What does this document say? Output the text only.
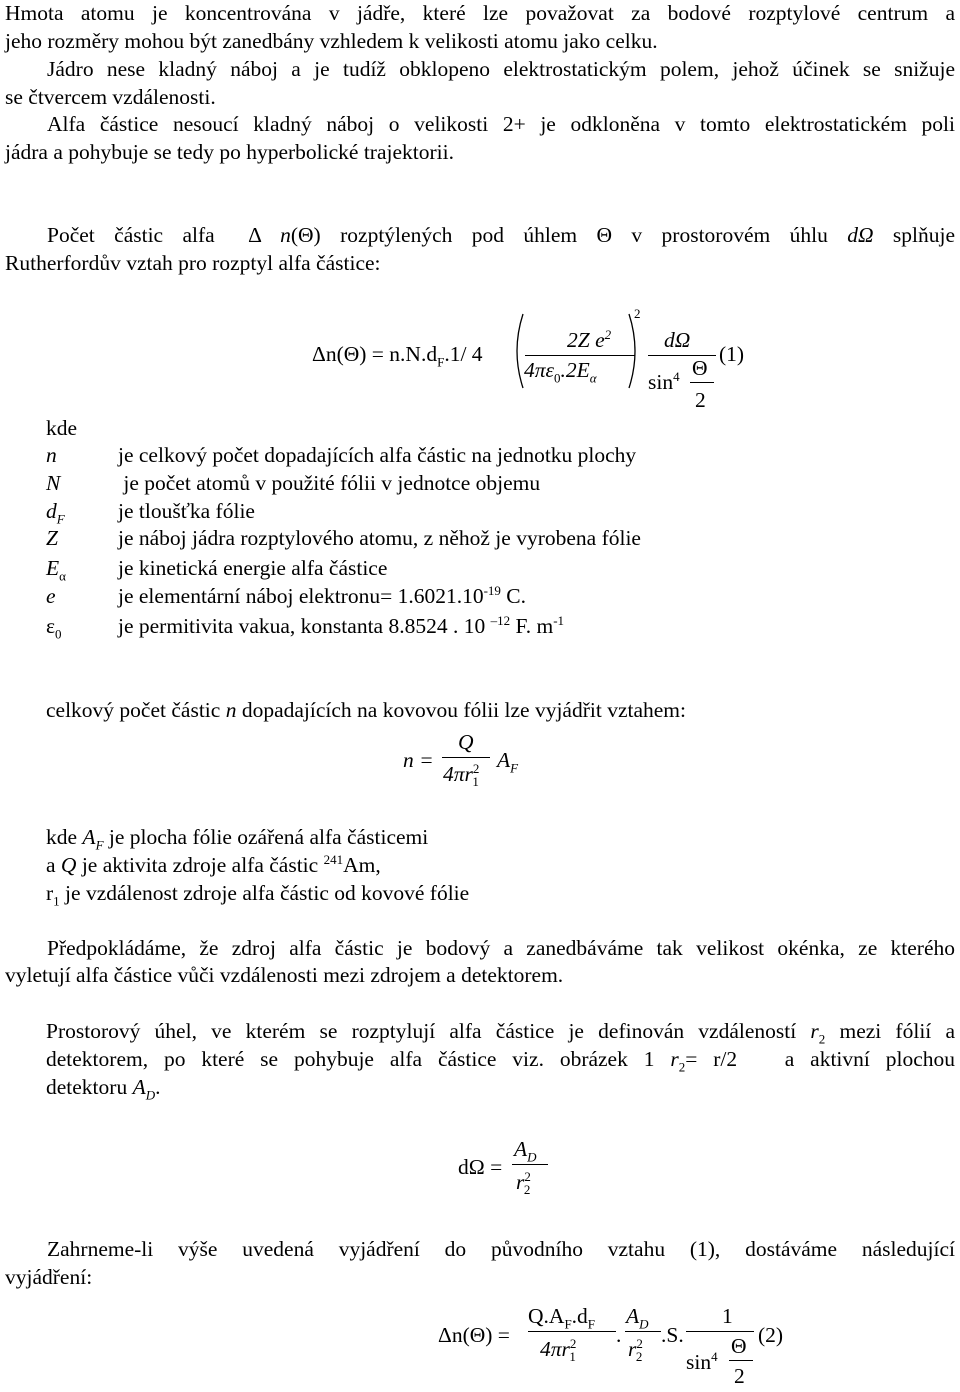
Hmota atomu je koncentrována v jádře, které lze považovat za bodové rozptylové centrum a

jeho rozměry mohou být zanedbány vzhledem k velikosti atomu jako celku.

Jádro nese kladný náboj a je tudíž obklopeno elektrostatickým polem, jehož účinek se snižuje

se čtvercem vzdálenosti.

Alfa částice nesoucí kladný náboj o velikosti 2+ je odkloněna v tomto elektrostatickém poli

jádra a pohybuje se tedy po hyperbolické trajektorii.

Počet částic alfa Δ n(Θ) rozptýlených pod úhlem Θ v prostorovém úhlu dΩ splňuje

Rutherfordův vztah pro rozptyl alfa částice:

$\Delta n(\Theta) = n.N.d_F.1/$ 4
2Z $e^2$
$4\pi\varepsilon_0.2E_\alpha$
2
dΩ
$\sin^4 \Theta$
2
(1)
kde
n	je celkový počet dopadajících alfa částic na jednotku plochy
N	je počet atomů v použité fólii v jednotce objemu
$d_F$ je tloušťka fólie
Z	je náboj jádra rozptylového atomu, z něhož je vyrobena fólie
$E_\alpha$ je kinetická energie alfa částice
e	je elementární náboj elektronu= $1.6021.10^{-19}$ C.
$\varepsilon_0$	je permitivita vakua, konstanta 8.8524 . 10 $^{-12}$ F. $m^{-1}$

celkový počet částic n dopadajících na kovovou fólii lze vyjádřit vztahem:

n =
Q
$4\pi r^2_1$
$A_F$

kde $A_F$ je plocha fólie ozářená alfa částicemi

a Q je aktivita zdroje alfa částic $^{241}$Am,

$r_1$ je vzdálenost zdroje alfa částic od kovové fólie

Předpokládáme, že zdroj alfa částic je bodový a zanedbáváme tak velikost okénka, ze kterého

vyletují alfa částice vůči vzdálenosti mezi zdrojem a detektorem.

Prostorový úhel, ve kterém se rozptylují alfa částice je definován vzdáleností $r_2$ mezi fólií a

detektorem, po které se pohybuje alfa částice viz. obrázek 1 $r_2= r/2$   a aktivní plochou

detektoru $A_D$.

dΩ =
$A_D$
$r^2_2$

Zahrneme-li výše uvedená vyjádření do původního vztahu (1), dostáváme následující

vyjádření:

Δn(Θ) =
$Q.A_F.d_F$
$4\pi r^2_1$
.
$A_D$
$r^2_2$
.S.
1
$\sin^4 \Theta$
2
(2)
